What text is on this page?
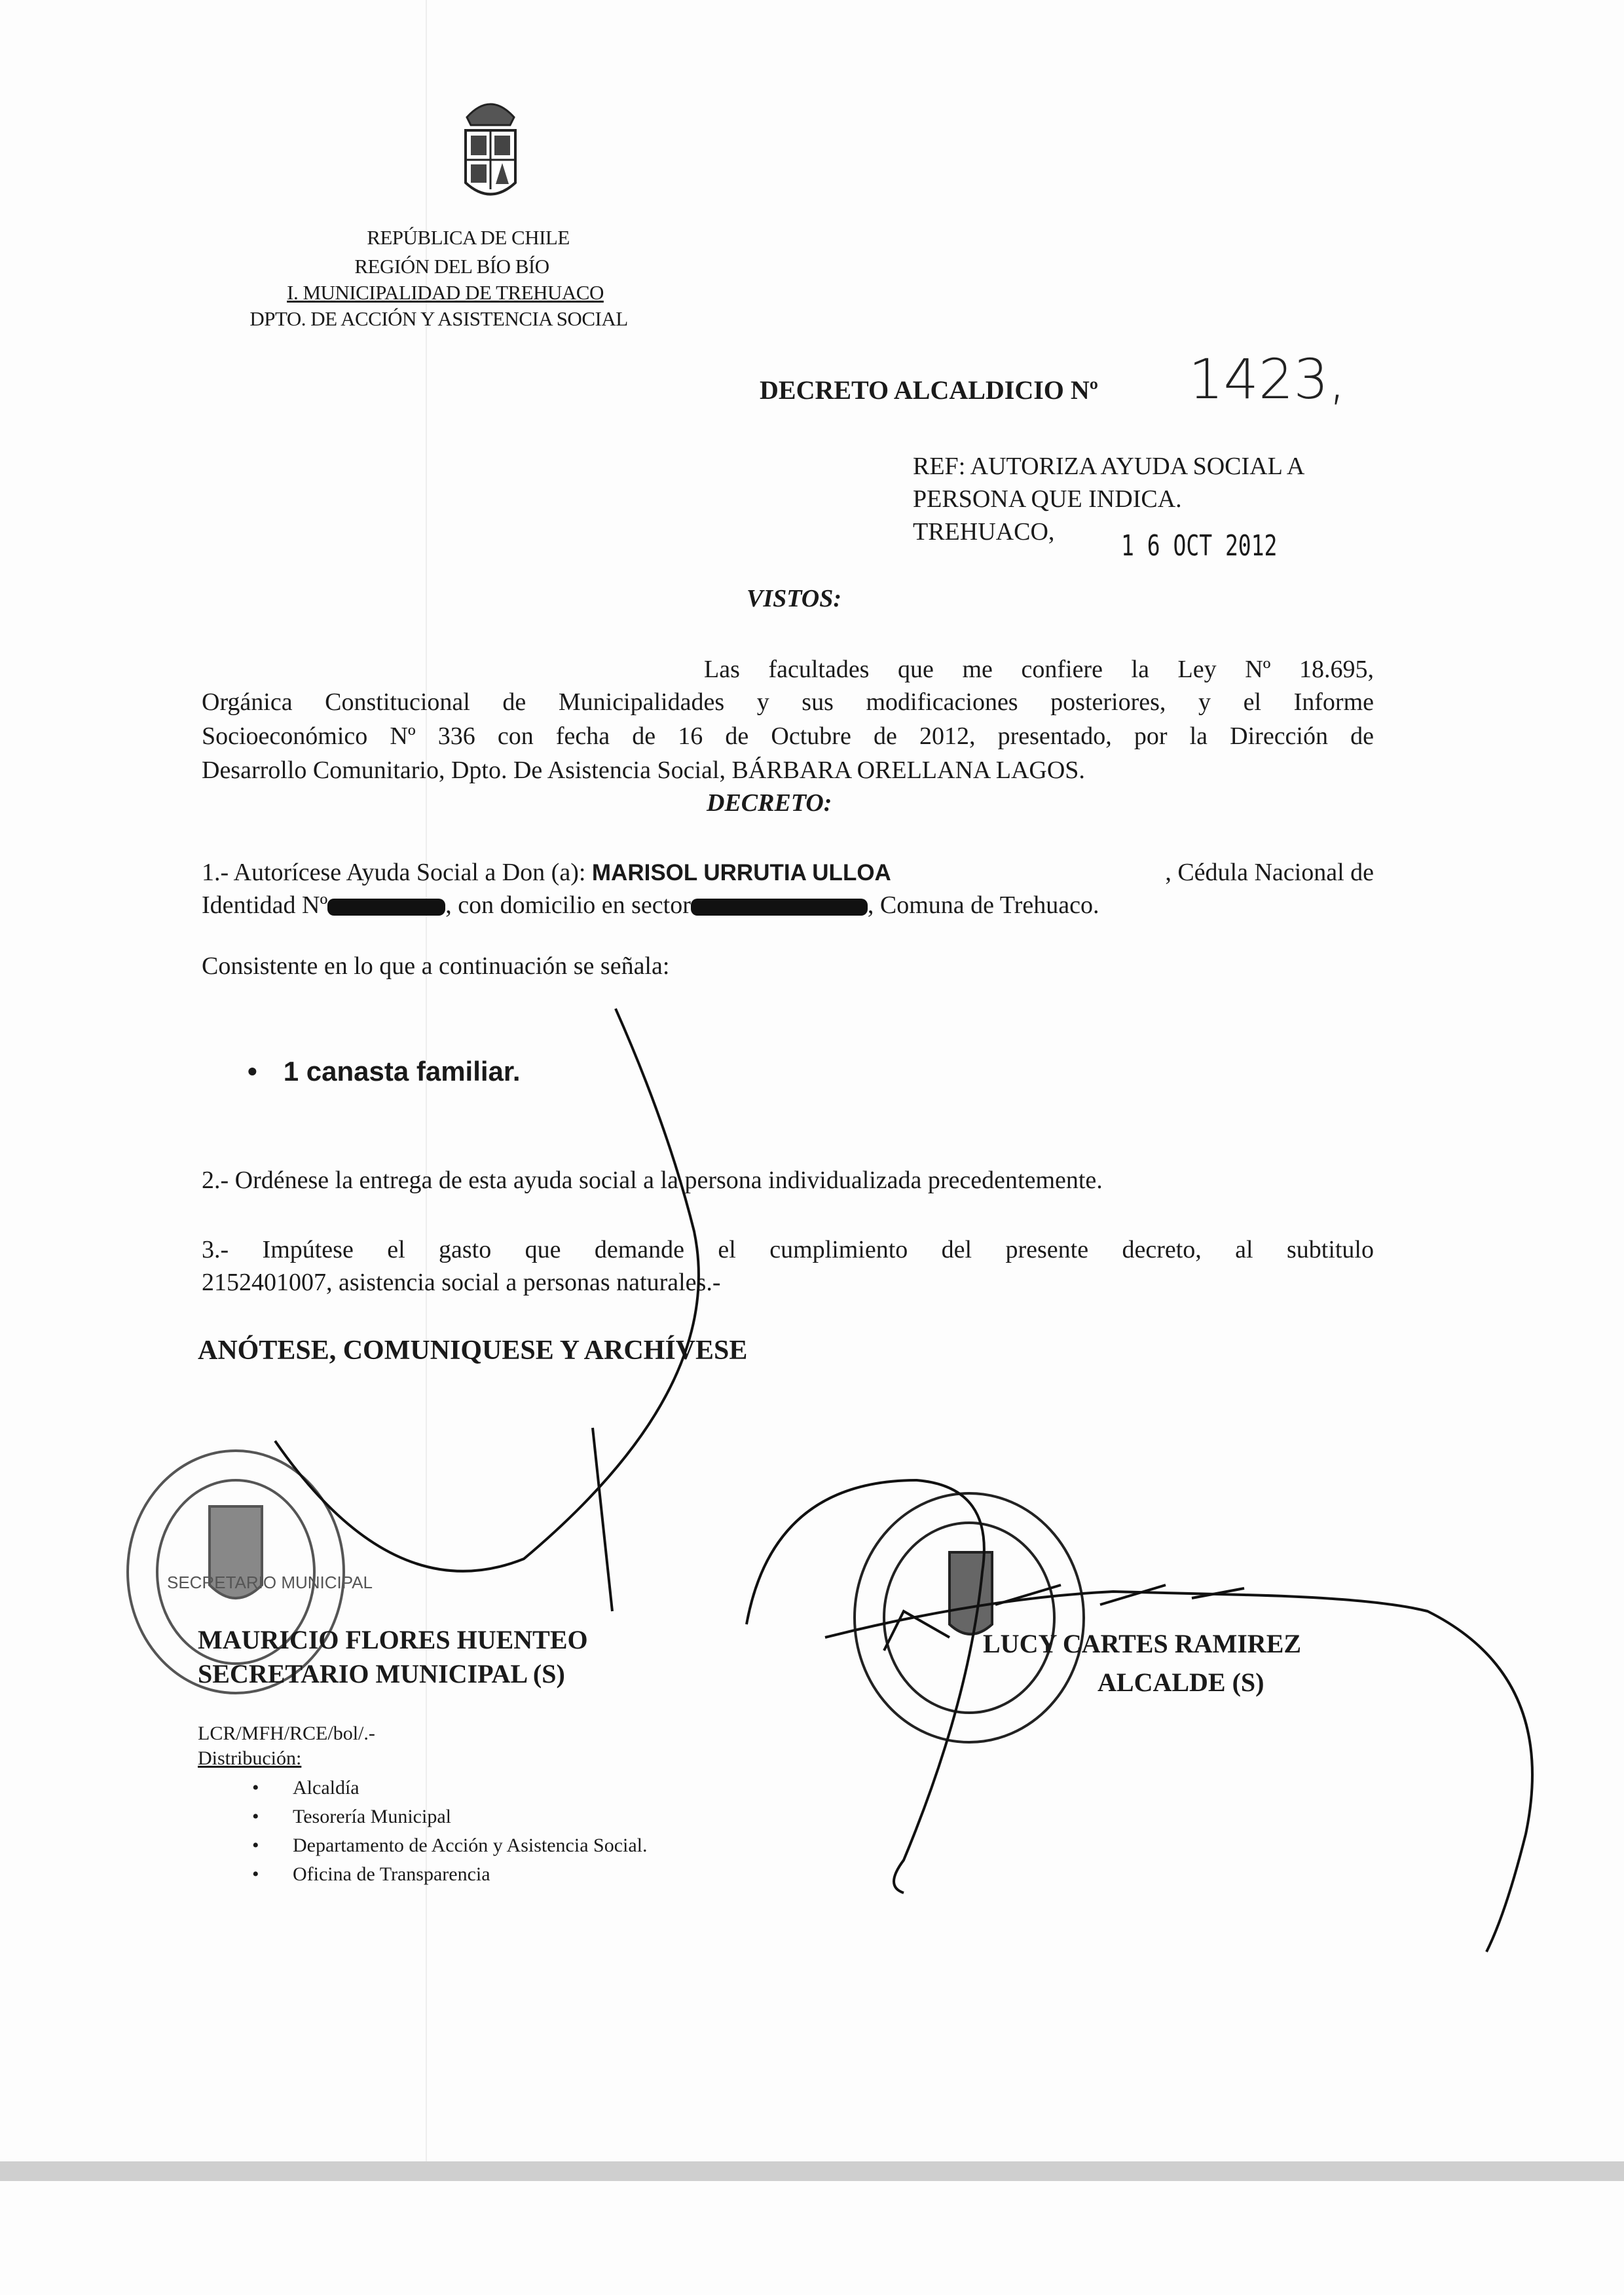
REPÚBLICA DE CHILE
REGIÓN DEL BÍO BÍO
I. MUNICIPALIDAD DE TREHUACO
DPTO. DE ACCIÓN Y ASISTENCIA SOCIAL
DECRETO ALCALDICIO Nº 1423,
REF: AUTORIZA AYUDA SOCIAL A
PERSONA QUE INDICA.
TREHUACO, 1 6 OCT 2012
VISTOS:
Las facultades que me confiere la Ley Nº 18.695,
Orgánica Constitucional de Municipalidades y sus modificaciones posteriores, y el Informe
Socioeconómico Nº 336 con fecha de 16 de Octubre de 2012, presentado, por la Dirección de
Desarrollo Comunitario, Dpto. De Asistencia Social, BÁRBARA ORELLANA LAGOS.
DECRETO:
1.- Autorícese Ayuda Social a Don (a): MARISOL URRUTIA ULLOA	, Cédula Nacional de
Identidad Nº	, con domicilio en sector	, Comuna de Trehuaco.
Consistente en lo que a continuación se señala:
• 1 canasta familiar.
2.- Ordénese la entrega de esta ayuda social a la persona individualizada precedentemente.
3.- Impútese el gasto que demande el cumplimiento del presente decreto, al subtitulo
2152401007, asistencia social a personas naturales.-
ANÓTESE, COMUNIQUESE Y ARCHÍVESE
SECRETARIO MUNICIPAL
MAURICIO FLORES HUENTEO
SECRETARIO MUNICIPAL (S)
LUCY CARTES RAMIREZ
ALCALDE (S)
LCR/MFH/RCE/bol/.-
Distribución:
• Alcaldía
• Tesorería Municipal
• Departamento de Acción y Asistencia Social.
• Oficina de Transparencia
